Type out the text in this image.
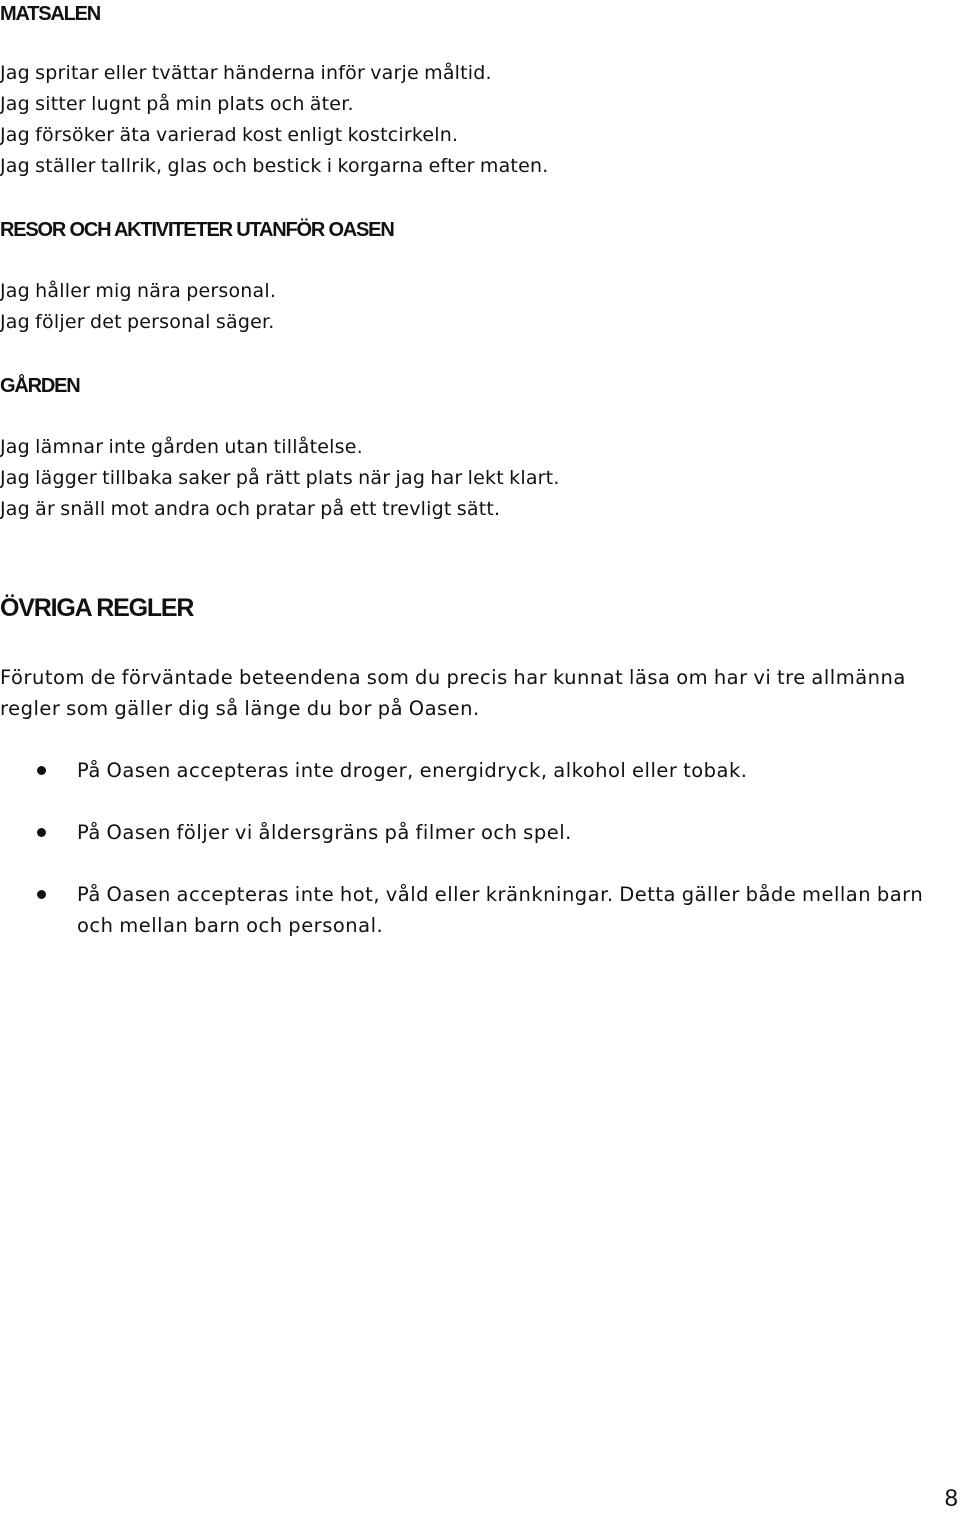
MATSALEN
Jag spritar eller tvättar händerna inför varje måltid.
Jag sitter lugnt på min plats och äter.
Jag försöker äta varierad kost enligt kostcirkeln.
Jag ställer tallrik, glas och bestick i korgarna efter maten.
RESOR OCH AKTIVITETER UTANFÖR OASEN
Jag håller mig nära personal.
Jag följer det personal säger.
GÅRDEN
Jag lämnar inte gården utan tillåtelse.
Jag lägger tillbaka saker på rätt plats när jag har lekt klart.
Jag är snäll mot andra och pratar på ett trevligt sätt.
ÖVRIGA REGLER

Förutom de förväntade beteendena som du precis har kunnat läsa om har vi tre allmänna regler som gäller dig så länge du bor på Oasen.

På Oasen accepteras inte droger, energidryck, alkohol eller tobak.
På Oasen följer vi åldersgräns på filmer och spel.
På Oasen accepteras inte hot, våld eller kränkningar. Detta gäller både mellan barn och mellan barn och personal.
8
